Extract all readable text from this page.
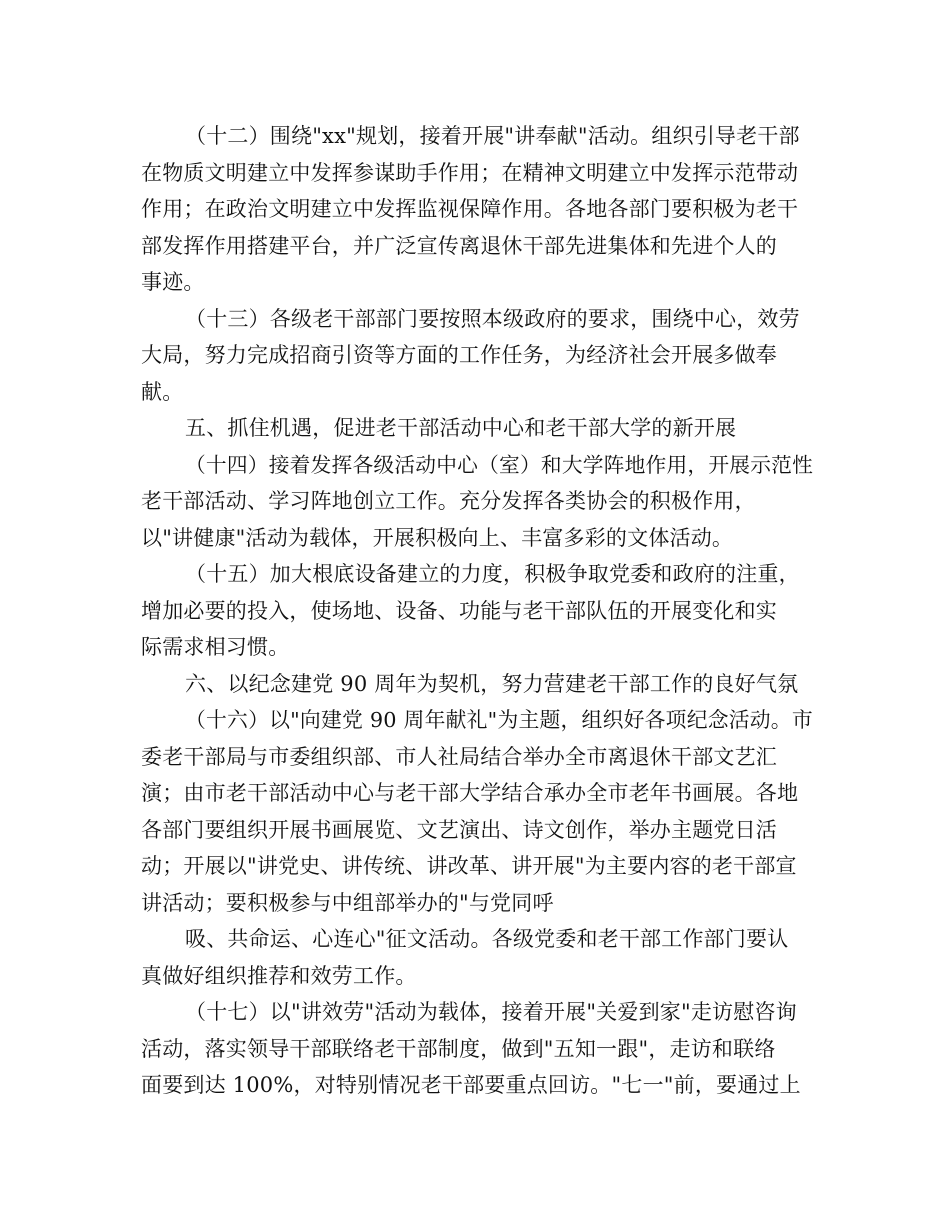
（十二）围绕"xx"规划，接着开展"讲奉献"活动。组织引导老干部
在物质文明建立中发挥参谋助手作用；在精神文明建立中发挥示范带动
作用；在政治文明建立中发挥监视保障作用。各地各部门要积极为老干
部发挥作用搭建平台，并广泛宣传离退休干部先进集体和先进个人的
事迹。
（十三）各级老干部部门要按照本级政府的要求，围绕中心，效劳
大局，努力完成招商引资等方面的工作任务，为经济社会开展多做奉
献。
五、抓住机遇，促进老干部活动中心和老干部大学的新开展
（十四）接着发挥各级活动中心（室）和大学阵地作用，开展示范性
老干部活动、学习阵地创立工作。充分发挥各类协会的积极作用，
以"讲健康"活动为载体，开展积极向上、丰富多彩的文体活动。
（十五）加大根底设备建立的力度，积极争取党委和政府的注重，
增加必要的投入，使场地、设备、功能与老干部队伍的开展变化和实
际需求相习惯。
六、以纪念建党 90 周年为契机，努力营建老干部工作的良好气氛
（十六）以"向建党 90 周年献礼"为主题，组织好各项纪念活动。市
委老干部局与市委组织部、市人社局结合举办全市离退休干部文艺汇
演；由市老干部活动中心与老干部大学结合承办全市老年书画展。各地
各部门要组织开展书画展览、文艺演出、诗文创作，举办主题党日活
动；开展以"讲党史、讲传统、讲改革、讲开展"为主要内容的老干部宣
讲活动；要积极参与中组部举办的"与党同呼
吸、共命运、心连心"征文活动。各级党委和老干部工作部门要认
真做好组织推荐和效劳工作。
（十七）以"讲效劳"活动为载体，接着开展"关爱到家"走访慰咨询
活动，落实领导干部联络老干部制度，做到"五知一跟"，走访和联络
面要到达 100%，对特别情况老干部要重点回访。"七一"前，要通过上
